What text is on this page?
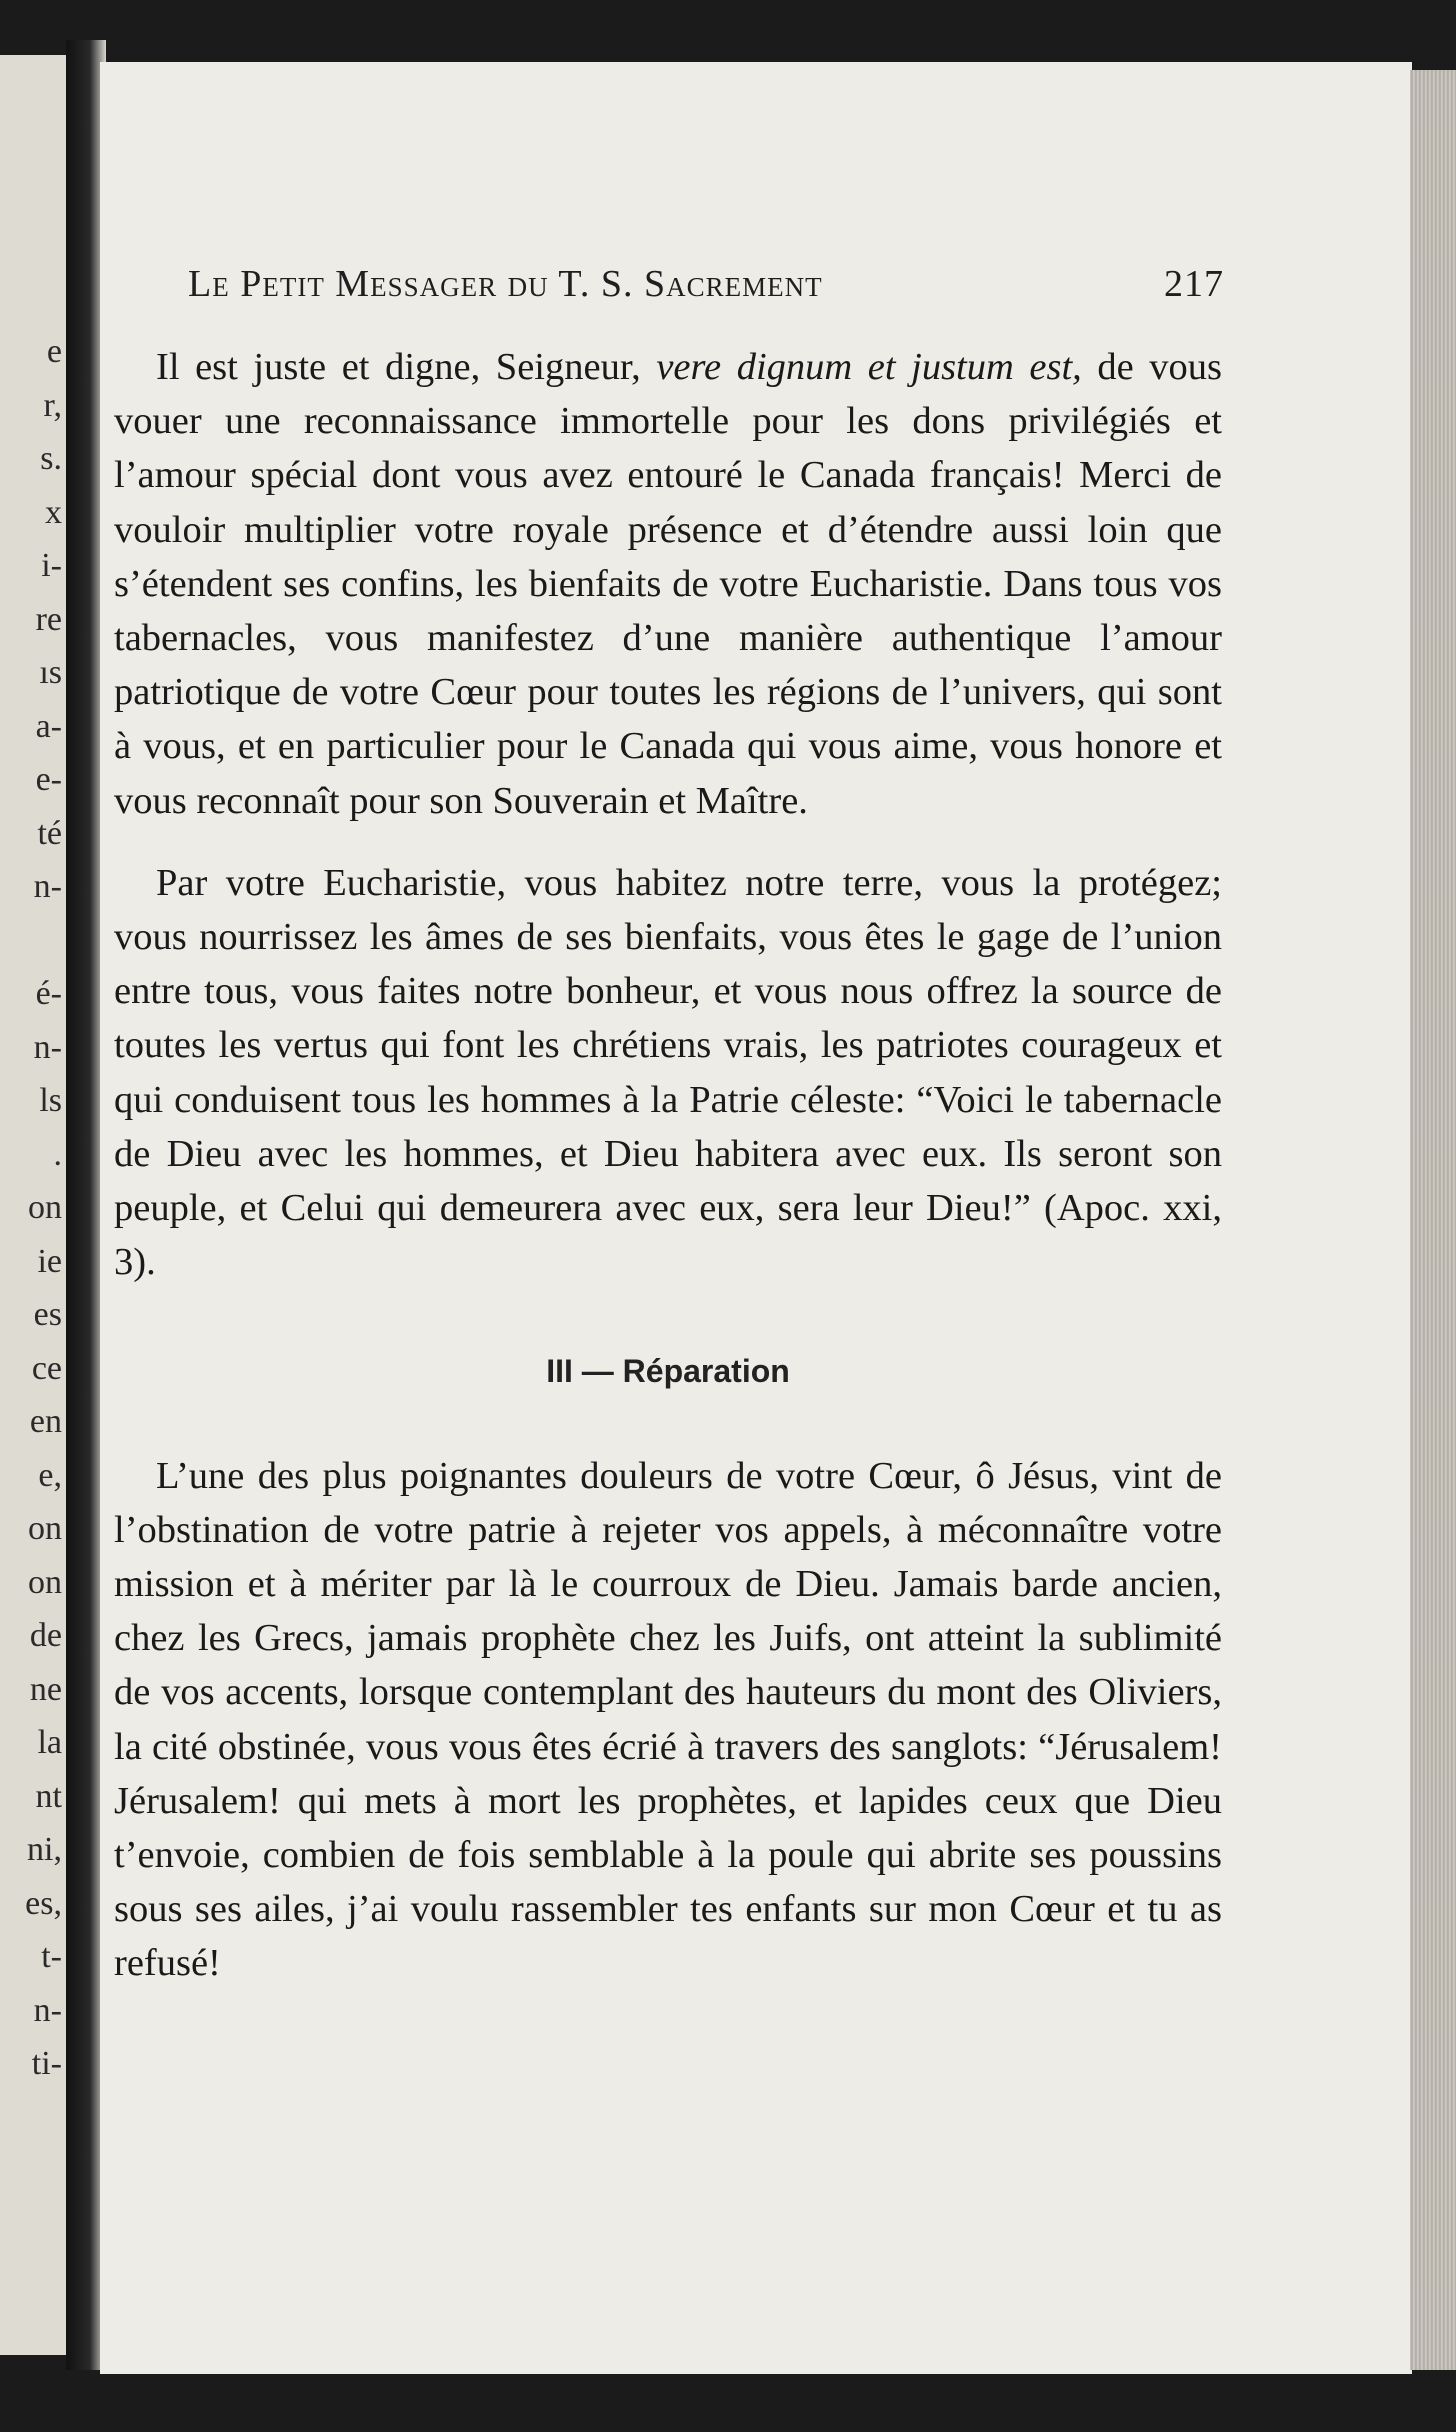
e
r,
s.
x
i-
re
ıs
a-
e-
té
n-
é-
n-
ls
.
on
ie
es
ce
en
e,
on
on
de
ne
la
nt
ni,
es,
t-
n-
ti-
Le Petit Messager du T. S. Sacrement	217

Il est juste et digne, Seigneur, vere dignum et justum est, de vous vouer une reconnaissance immortelle pour les dons privilégiés et l’amour spécial dont vous avez entouré le Canada français! Merci de vouloir multiplier votre royale présence et d’étendre aussi loin que s’étendent ses confins, les bienfaits de votre Eucharistie. Dans tous vos tabernacles, vous manifestez d’une manière authentique l’amour patriotique de votre Cœur pour toutes les régions de l’univers, qui sont à vous, et en particulier pour le Canada qui vous aime, vous honore et vous reconnaît pour son Souverain et Maître.

Par votre Eucharistie, vous habitez notre terre, vous la protégez; vous nourrissez les âmes de ses bienfaits, vous êtes le gage de l’union entre tous, vous faites notre bonheur, et vous nous offrez la source de toutes les vertus qui font les chrétiens vrais, les patriotes courageux et qui conduisent tous les hommes à la Patrie céleste: “Voici le tabernacle de Dieu avec les hommes, et Dieu habitera avec eux. Ils seront son peuple, et Celui qui demeurera avec eux, sera leur Dieu!” (Apoc. xxi, 3).

III — Réparation

L’une des plus poignantes douleurs de votre Cœur, ô Jésus, vint de l’obstination de votre patrie à rejeter vos appels, à méconnaître votre mission et à mériter par là le courroux de Dieu. Jamais barde ancien, chez les Grecs, jamais prophète chez les Juifs, ont atteint la sublimité de vos accents, lorsque contemplant des hauteurs du mont des Oliviers, la cité obstinée, vous vous êtes écrié à travers des sanglots: “Jérusalem! Jérusalem! qui mets à mort les prophètes, et lapides ceux que Dieu t’envoie, combien de fois semblable à la poule qui abrite ses poussins sous ses ailes, j’ai voulu rassembler tes enfants sur mon Cœur et tu as refusé!
